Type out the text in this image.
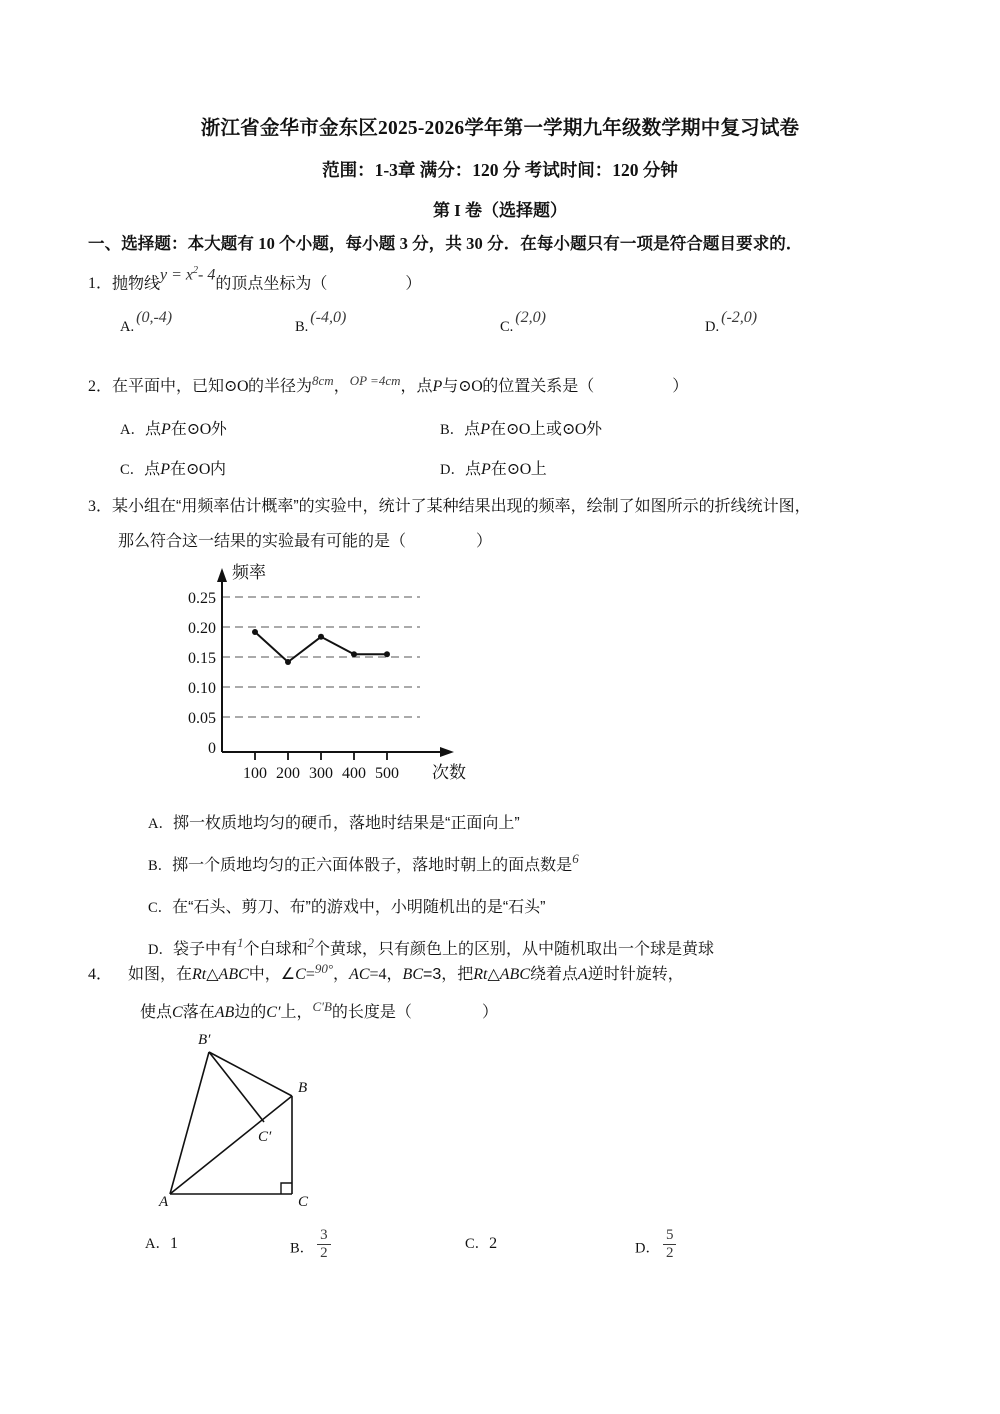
浙江省金华市金东区2025-2026学年第一学期九年级数学期中复习试卷
范围：1-3章 满分：120 分 考试时间：120 分钟
第 I 卷（选择题）
一、选择题：本大题有 10 个小题，每小题 3 分，共 30 分．在每小题只有一项是符合题目要求的．
1．抛物线$y = x^2-$ 4的顶点坐标为（	）
A.(0,-4)
B.(-4,0)
C.(2,0)
D.(-2,0)
2．在平面中，已知⊙O的半径为8cm，OP =4cm，点P与⊙O的位置关系是（	）
A．点P在⊙O外	B．点P在⊙O上或⊙O外
C．点P在⊙O内	D．点P在⊙O上
3．某小组在“用频率估计概率”的实验中，统计了某种结果出现的频率，绘制了如图所示的折线统计图，
那么符合这一结果的实验最有可能的是（	）
频率
次数
0
0.05
0.10
0.15
0.20
0.25
100 200 300 400 500
A．掷一枚质地均匀的硬币，落地时结果是“正面向上”
B．掷一个质地均匀的正六面体骰子，落地时朝上的面点数是6
C．在“石头、剪刀、布”的游戏中，小明随机出的是“石头”
D．袋子中有1个白球和2个黄球，只有颜色上的区别，从中随机取出一个球是黄球
4． 如图，在Rt△ABC中，∠C=90°，AC=4，BC=3，把Rt△ABC绕着点A逆时针旋转，
使点C落在AB边的C′上，C′B的长度是（	）
A	C
B
B′
C′
A．1	B． $\frac{3}{2}$	C．2	D． $\frac{5}{2}$
